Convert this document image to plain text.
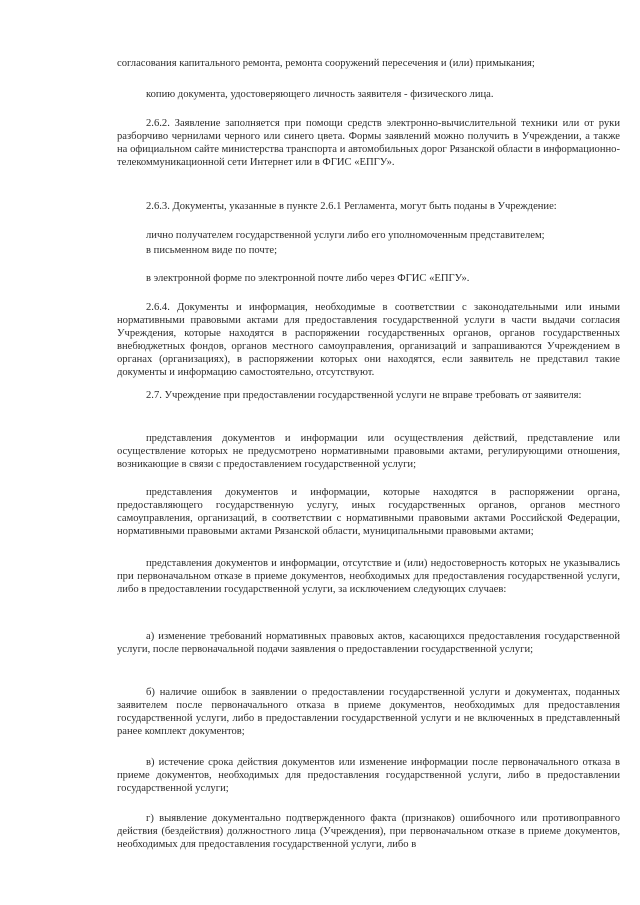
согласования капитального ремонта, ремонта сооружений пересечения и (или) примыкания;

копию документа, удостоверяющего личность заявителя - физического лица.

2.6.2. Заявление заполняется при помощи средств электронно-вычислительной техники или от руки разборчиво чернилами черного или синего цвета. Формы заявлений можно получить в Учреждении, а также на официальном сайте министерства транспорта и автомобильных дорог Рязанской области в информационно-телекоммуникационной сети Интернет или в ФГИС «ЕПГУ».

2.6.3. Документы, указанные в пункте 2.6.1 Регламента, могут быть поданы в Учреждение:

лично получателем государственной услуги либо его уполномоченным представителем;

в письменном виде по почте;

в электронной форме по электронной почте либо через ФГИС «ЕПГУ».

2.6.4. Документы и информация, необходимые в соответствии с законодательными или иными нормативными правовыми актами для предоставления государственной услуги в части выдачи согласия Учреждения, которые находятся в распоряжении государственных органов, органов государственных внебюджетных фондов, органов местного самоуправления, организаций и запрашиваются Учреждением в органах (организациях), в распоряжении которых они находятся, если заявитель не представил такие документы и информацию самостоятельно, отсутствуют.

2.7. Учреждение при предоставлении государственной услуги не вправе требовать от заявителя:

представления документов и информации или осуществления действий, представление или осуществление которых не предусмотрено нормативными правовыми актами, регулирующими отношения, возникающие в связи с предоставлением государственной услуги;

представления документов и информации, которые находятся в распоряжении органа, предоставляющего государственную услугу, иных государственных органов, органов местного самоуправления, организаций, в соответствии с нормативными правовыми актами Российской Федерации, нормативными правовыми актами Рязанской области, муниципальными правовыми актами;

представления документов и информации, отсутствие и (или) недостоверность которых не указывались при первоначальном отказе в приеме документов, необходимых для предоставления государственной услуги, либо в предоставлении государственной услуги, за исключением следующих случаев:

а) изменение требований нормативных правовых актов, касающихся предоставления государственной услуги, после первоначальной подачи заявления о предоставлении государственной услуги;

б) наличие ошибок в заявлении о предоставлении государственной услуги и документах, поданных заявителем после первоначального отказа в приеме документов, необходимых для предоставления государственной услуги, либо в предоставлении государственной услуги и не включенных в представленный ранее комплект документов;

в) истечение срока действия документов или изменение информации после первоначального отказа в приеме документов, необходимых для предоставления государственной услуги, либо в предоставлении государственной услуги;

г) выявление документально подтвержденного факта (признаков) ошибочного или противоправного действия (бездействия) должностного лица (Учреждения), при первоначальном отказе в приеме документов, необходимых для предоставления государственной услуги, либо в
